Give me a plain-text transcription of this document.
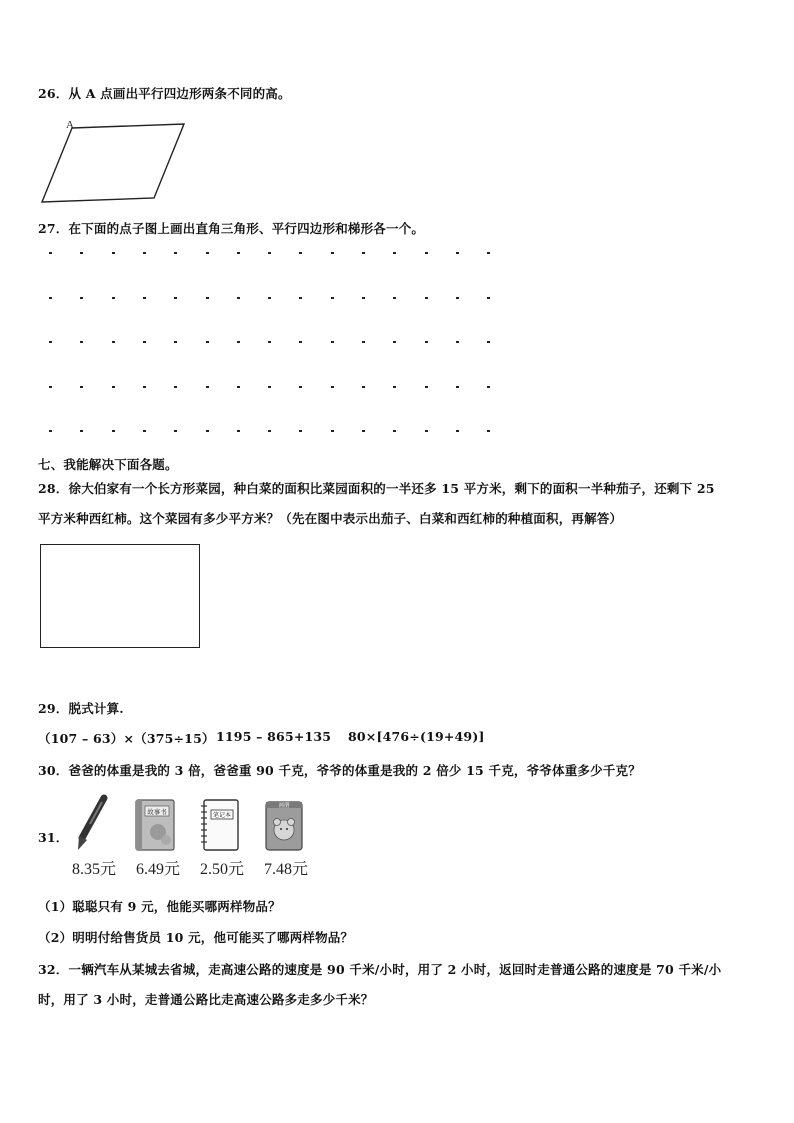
26．从 A 点画出平行四边形两条不同的高。
A
27．在下面的点子图上画出直角三角形、平行四边形和梯形各一个。
七、我能解决下面各题。
28．徐大伯家有一个长方形菜园，种白菜的面积比菜园面积的一半还多 15 平方米，剩下的面积一半种茄子，还剩下 25
平方米种西红柿。这个菜园有多少平方米？（先在图中表示出茄子、白菜和西红柿的种植面积，再解答）
29．脱式计算.
（107 – 63）×（375÷15） 1195 – 865+135 80×[476÷(19+49)]
30．爸爸的体重是我的 3 倍，爸爸重 90 千克，爷爷的体重是我的 2 倍少 15 千克，爷爷体重多少千克？
31．
8.35元
故事书
6.49元
笔记本
2.50元
画册
7.48元
（1）聪聪只有 9 元，他能买哪两样物品？
（2）明明付给售货员 10 元，他可能买了哪两样物品？
32．一辆汽车从某城去省城，走高速公路的速度是 90 千米/小时，用了 2 小时，返回时走普通公路的速度是 70 千米/小
时，用了 3 小时，走普通公路比走高速公路多走多少千米？
